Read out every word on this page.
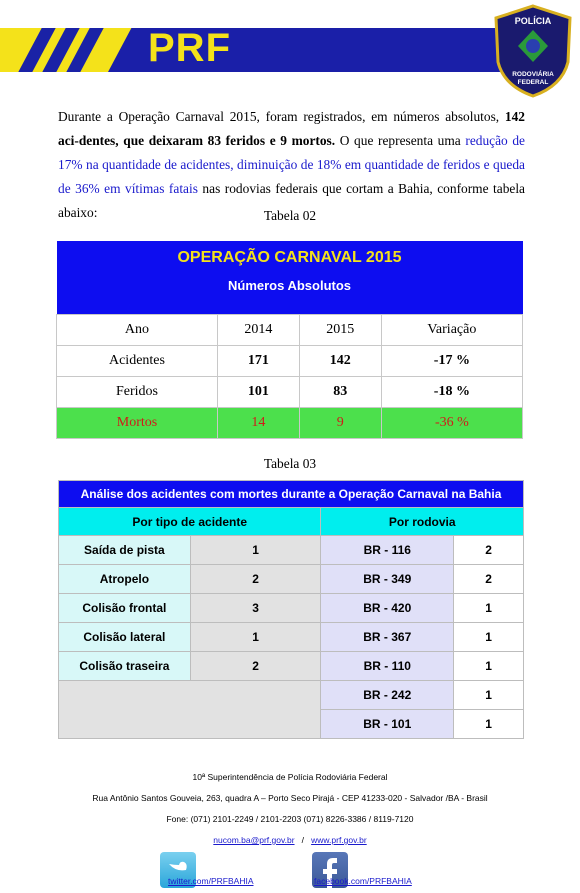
PRF
POLÍCIA
RODOVIÁRIA
FEDERAL
Durante a Operação Carnaval 2015, foram registrados, em números absolutos, 142 aci-dentes, que deixaram 83 feridos e 9 mortos. O que representa uma redução de 17% na quantidade de acidentes, diminuição de 18% em quantidade de feridos e queda de 36% em vítimas fatais nas rodovias federais que cortam a Bahia, conforme tabela abaixo:	Tabela 02
OPERAÇÃO CARNAVAL 2015			
Números Absolutos			
Ano	2014	2015	Variação
Acidentes	171	142	-17 %
Feridos	101	83	-18 %
Mortos	14	9	-36 %
Tabela 03
Análise dos acidentes com mortes durante a Operação Carnaval na Bahia			
Por tipo de acidente		Por rodovia	
Saída de pista	1	BR - 116	2
Atropelo	2	BR - 349	2
Colisão frontal	3	BR - 420	1
Colisão lateral	1	BR - 367	1
Colisão traseira	2	BR - 110	1
		BR - 242	1
		BR - 101	1
10ª Superintendência de Polícia Rodoviária Federal
Rua Antônio Santos Gouveia, 263, quadra A – Porto Seco Pirajá - CEP 41233-020 - Salvador /BA - Brasil
Fone: (071) 2101-2249 / 2101-2203 (071) 8226-3386 / 8119-7120
nucom.ba@prf.gov.br / www.prf.gov.br
twitter.com/PRFBAHIA	facebook.com/PRFBAHIA
